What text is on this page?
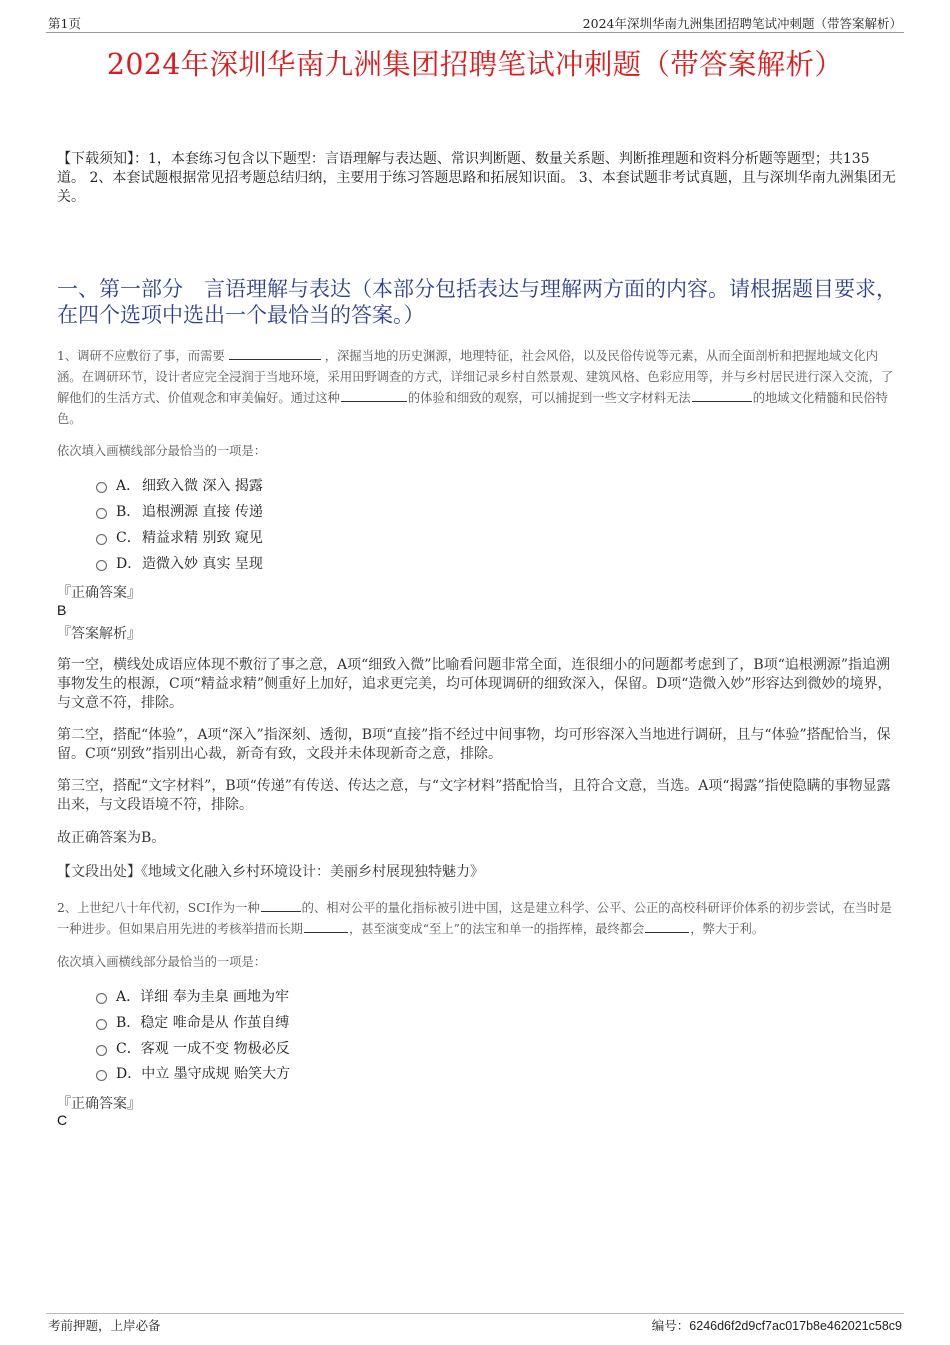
第1页	2024年深圳华南九洲集团招聘笔试冲刺题（带答案解析）
2024年深圳华南九洲集团招聘笔试冲刺题（带答案解析）
【下载须知】：1，本套练习包含以下题型：言语理解与表达题、常识判断题、数量关系题、判断推理题和资料分析题等题型；共135道。 2、本套试题根据常见招考题总结归纳，主要用于练习答题思路和拓展知识面。 3、本套试题非考试真题，且与深圳华南九洲集团无关。
一、第一部分　言语理解与表达（本部分包括表达与理解两方面的内容。请根据题目要求，在四个选项中选出一个最恰当的答案。）
1、调研不应敷衍了事，而需要	，深掘当地的历史渊源，地理特征，社会风俗，以及民俗传说等元素，从而全面剖析和把握地域文化内涵。在调研环节，设计者应完全浸润于当地环境，采用田野调查的方式，详细记录乡村自然景观、建筑风格、色彩应用等，并与乡村居民进行深入交流，了解他们的生活方式、价值观念和审美偏好。通过这种	的体验和细致的观察，可以捕捉到一些文字材料无法	的地域文化精髓和民俗特色。
依次填入画横线部分最恰当的一项是：
A． 细致入微 深入 揭露
B． 追根溯源 直接 传递
C．精益求精 别致 窥见
D．造微入妙 真实 呈现
『正确答案』
B
『答案解析』
第一空，横线处成语应体现不敷衍了事之意，A项“细致入微”比喻看问题非常全面，连很细小的问题都考虑到了，B项“追根溯源”指追溯事物发生的根源，C项“精益求精”侧重好上加好，追求更完美，均可体现调研的细致深入，保留。D项“造微入妙”形容达到微妙的境界，与文意不符，排除。
第二空，搭配“体验”，A项“深入”指深刻、透彻，B项“直接”指不经过中间事物，均可形容深入当地进行调研，且与“体验”搭配恰当，保留。C项“别致”指别出心裁，新奇有致，文段并未体现新奇之意，排除。
第三空，搭配“文字材料”，B项“传递”有传送、传达之意，与“文字材料”搭配恰当，且符合文意，当选。A项“揭露”指使隐瞒的事物显露出来，与文段语境不符，排除。
故正确答案为B。
【文段出处】《地域文化融入乡村环境设计：美丽乡村展现独特魅力》
2、上世纪八十年代初，SCI作为一种	的、相对公平的量化指标被引进中国，这是建立科学、公平、公正的高校科研评价体系的初步尝试，在当时是一种进步。但如果启用先进的考核举措而长期	，甚至演变成“至上”的法宝和单一的指挥棒，最终都会	，弊大于利。
依次填入画横线部分最恰当的一项是：
A．详细 奉为圭臬 画地为牢
B．稳定 唯命是从 作茧自缚
C．客观 一成不变 物极必反
D．中立 墨守成规 贻笑大方
『正确答案』
C
考前押题，上岸必备	编号：6246d6f2d9cf7ac017b8e462021c58c9
